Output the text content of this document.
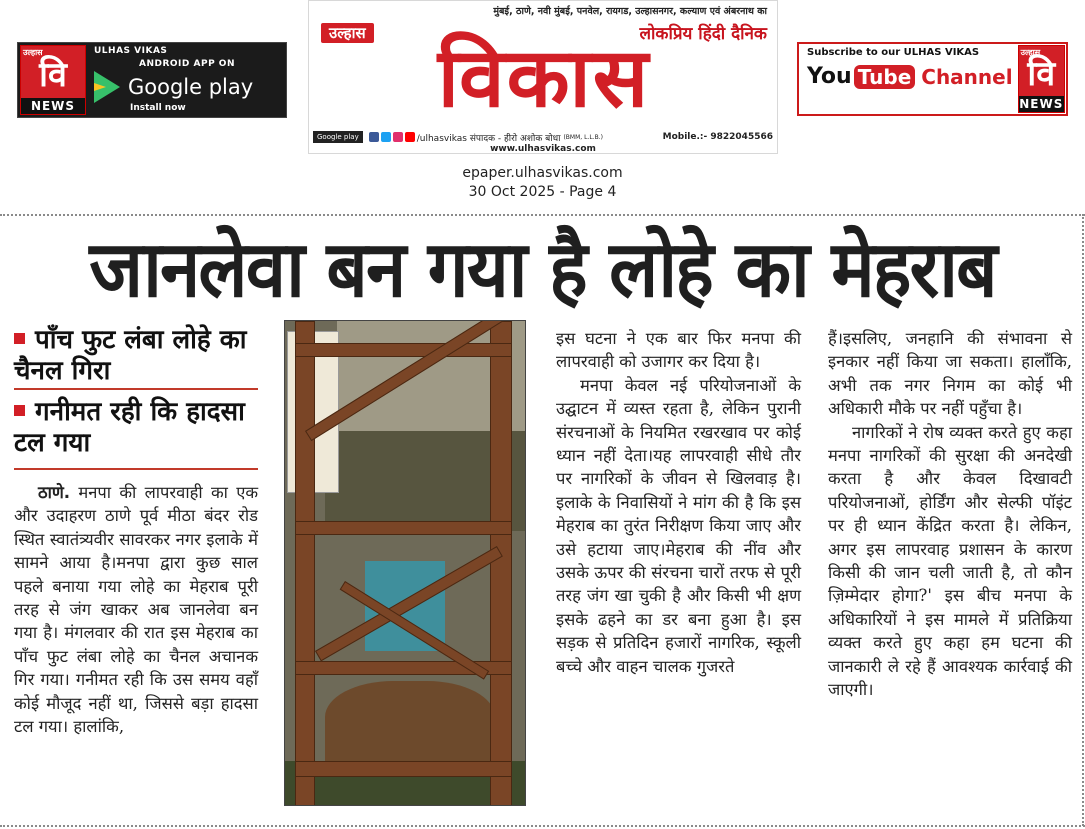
उल्हास
वि
NEWS
ULHAS VIKAS
ANDROID APP ON
Google play
Install now
मुंबई, ठाणे, नवी मुंबई, पनवेल, रायगड, उल्हासनगर, कल्याण एवं अंबरनाथ का
लोकप्रिय हिंदी दैनिक
उल्हास विकास
Google play	/ulhasvikas संपादक - हीरो अशोक बोधा (BMM, L.L.B.)	Mobile.:- 9822045566
www.ulhasvikas.com
Subscribe to our ULHAS VIKAS
You Tube Channel
उल्हास
वि
NEWS
epaper.ulhasvikas.com
30 Oct 2025 - Page 4
जानलेवा बन गया है लोहे का मेहराब
पाँच फुट लंबा लोहे का चैनल गिरा
गनीमत रही कि हादसा टल गया

ठाणे. मनपा की लापरवाही का एक और उदाहरण ठाणे पूर्व मीठा बंदर रोड स्थित स्वातंत्र्यवीर सावरकर नगर इलाके में सामने आया है।मनपा द्वारा कुछ साल पहले बनाया गया लोहे का मेहराब पूरी तरह से जंग खाकर अब जानलेवा बन गया है। मंगलवार की रात इस मेहराब का पाँच फुट लंबा लोहे का चैनल अचानक गिर गया। गनीमत रही कि उस समय वहाँ कोई मौजूद नहीं था, जिससे बड़ा हादसा टल गया। हालांकि,

इस घटना ने एक बार फिर मनपा की लापरवाही को उजागर कर दिया है।

मनपा केवल नई परियोजनाओं के उद्घाटन में व्यस्त रहता है, लेकिन पुरानी संरचनाओं के नियमित रखरखाव पर कोई ध्यान नहीं देता।यह लापरवाही सीधे तौर पर नागरिकों के जीवन से खिलवाड़ है।इलाके के निवासियों ने मांग की है कि इस मेहराब का तुरंत निरीक्षण किया जाए और उसे हटाया जाए।मेहराब की नींव और उसके ऊपर की संरचना चारों तरफ से पूरी तरह जंग खा चुकी है और किसी भी क्षण इसके ढहने का डर बना हुआ है। इस सड़क से प्रतिदिन हजारों नागरिक, स्कूली बच्चे और वाहन चालक गुजरते

हैं।इसलिए, जनहानि की संभावना से इनकार नहीं किया जा सकता। हालाँकि, अभी तक नगर निगम का कोई भी अधिकारी मौके पर नहीं पहुँचा है।

नागरिकों ने रोष व्यक्त करते हुए कहा मनपा नागरिकों की सुरक्षा की अनदेखी करता है और केवल दिखावटी परियोजनाओं, होर्डिंग और सेल्फी पॉइंट पर ही ध्यान केंद्रित करता है। लेकिन, अगर इस लापरवाह प्रशासन के कारण किसी की जान चली जाती है, तो कौन ज़िम्मेदार होगा?' इस बीच मनपा के अधिकारियों ने इस मामले में प्रतिक्रिया व्यक्त करते हुए कहा हम घटना की जानकारी ले रहे हैं आवश्यक कार्रवाई की जाएगी।
